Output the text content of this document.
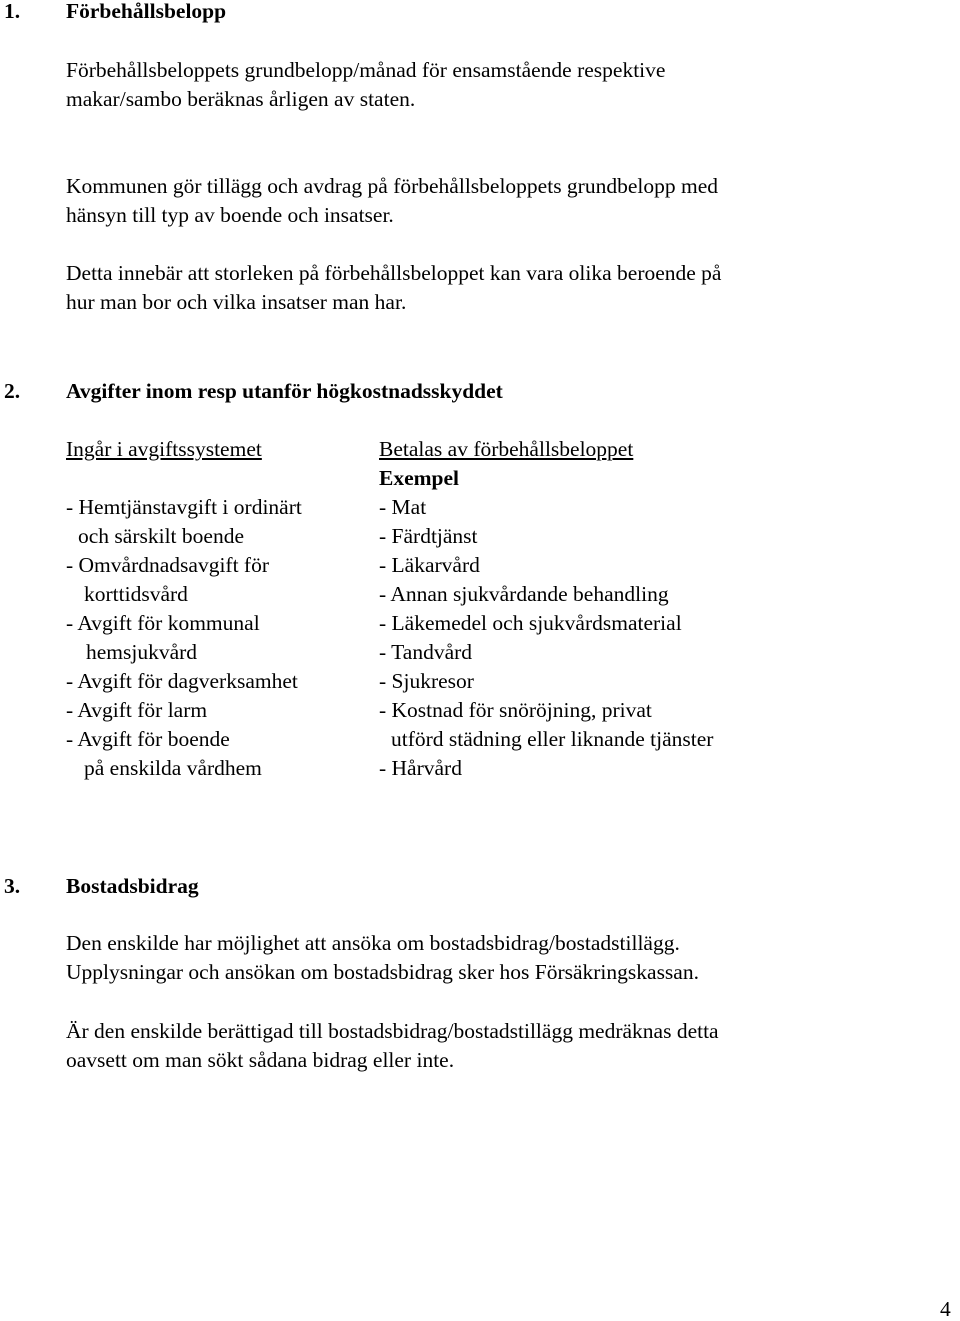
1. Förbehållsbelopp
Förbehållsbeloppets grundbelopp/månad för ensamstående respektive
makar/sambo beräknas årligen av staten.
Kommunen gör tillägg och avdrag på förbehållsbeloppets grundbelopp med
hänsyn till typ av boende och insatser.
Detta innebär att storleken på förbehållsbeloppet kan vara olika beroende på
hur man bor och vilka insatser man har.
2. Avgifter inom resp utanför högkostnadsskyddet
Ingår i avgiftssystemet
- Hemtjänstavgift i ordinärt
och särskilt boende
- Omvårdnadsavgift för
korttidsvård
- Avgift för kommunal
hemsjukvård
- Avgift för dagverksamhet
- Avgift för larm
- Avgift för boende
på enskilda vårdhem
Betalas av förbehållsbeloppet
Exempel
- Mat
- Färdtjänst
- Läkarvård
- Annan sjukvårdande behandling
- Läkemedel och sjukvårdsmaterial
- Tandvård
- Sjukresor
- Kostnad för snöröjning, privat
utförd städning eller liknande tjänster
- Hårvård
3. Bostadsbidrag
Den enskilde har möjlighet att ansöka om bostadsbidrag/bostadstillägg.
Upplysningar och ansökan om bostadsbidrag sker hos Försäkringskassan.
Är den enskilde berättigad till bostadsbidrag/bostadstillägg medräknas detta
oavsett om man sökt sådana bidrag eller inte.
4
